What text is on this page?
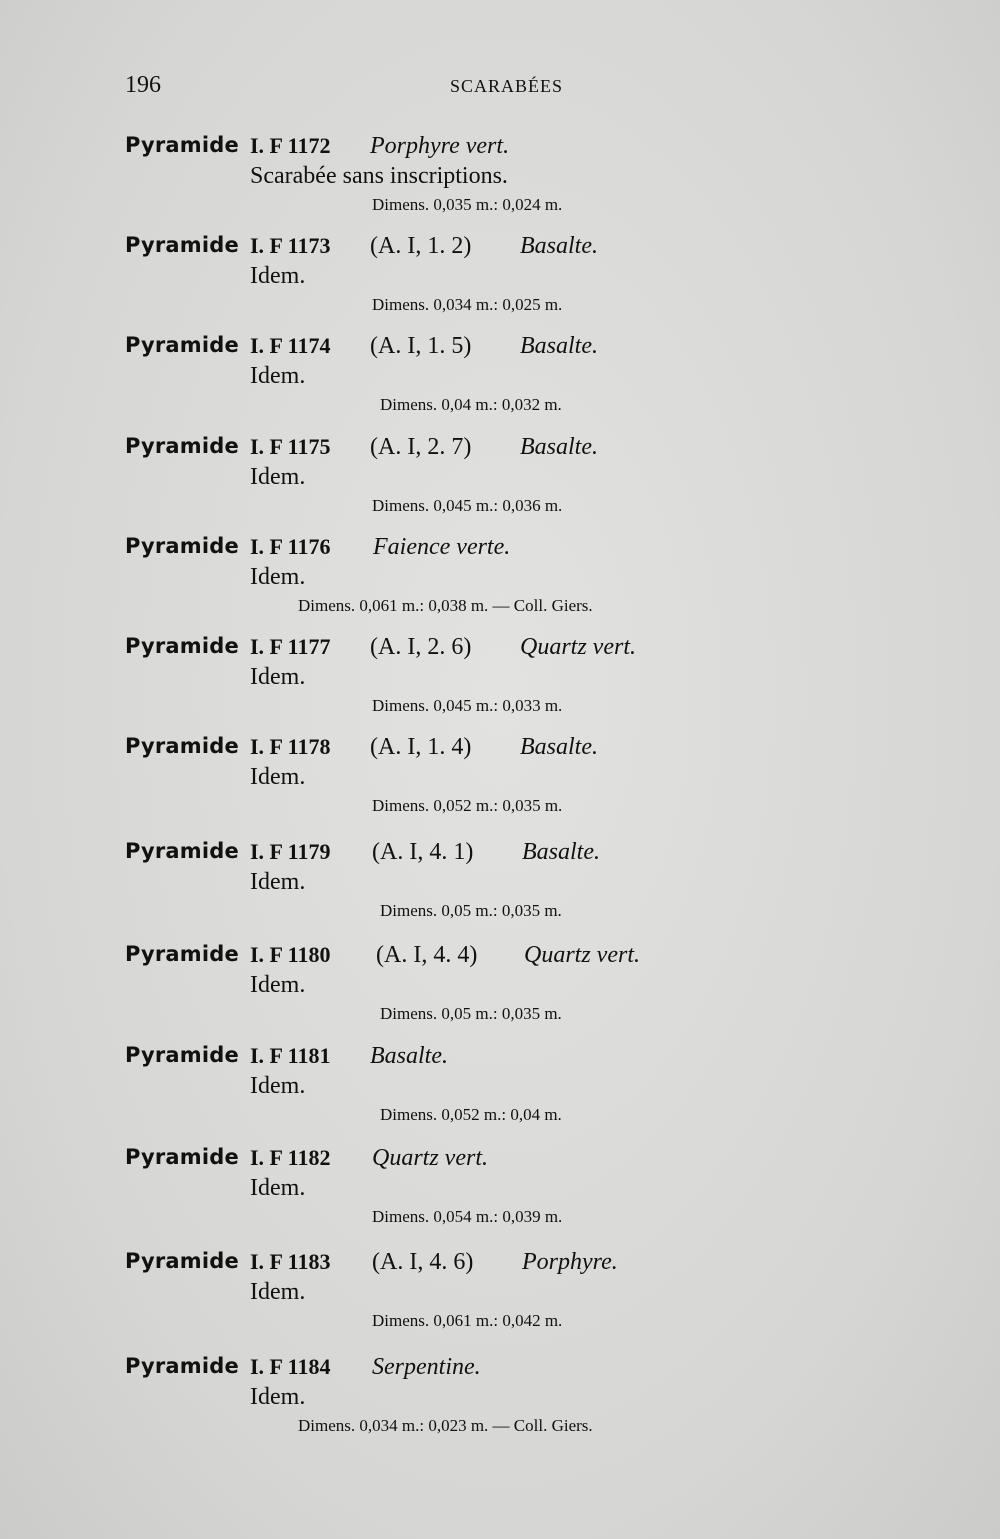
196	SCARABÉES
Pyramide I. F 1172 Porphyre vert.
Scarabée sans inscriptions.
Dimens. 0,035 m.: 0,024 m.
Pyramide I. F 1173 (A. I, 1. 2) Basalte.
Idem.
Dimens. 0,034 m.: 0,025 m.
Pyramide I. F 1174 (A. I, 1. 5) Basalte.
Idem.
Dimens. 0,04 m.: 0,032 m.
Pyramide I. F 1175 (A. I, 2. 7) Basalte.
Idem.
Dimens. 0,045 m.: 0,036 m.
Pyramide I. F 1176 Faience verte.
Idem.
Dimens. 0,061 m.: 0,038 m. — Coll. Giers.
Pyramide I. F 1177 (A. I, 2. 6) Quartz vert.
Idem.
Dimens. 0,045 m.: 0,033 m.
Pyramide I. F 1178 (A. I, 1. 4) Basalte.
Idem.
Dimens. 0,052 m.: 0,035 m.
Pyramide I. F 1179 (A. I, 4. 1) Basalte.
Idem.
Dimens. 0,05 m.: 0,035 m.
Pyramide I. F 1180 (A. I, 4. 4) Quartz vert.
Idem.
Dimens. 0,05 m.: 0,035 m.
Pyramide I. F 1181 Basalte.
Idem.
Dimens. 0,052 m.: 0,04 m.
Pyramide I. F 1182 Quartz vert.
Idem.
Dimens. 0,054 m.: 0,039 m.
Pyramide I. F 1183 (A. I, 4. 6) Porphyre.
Idem.
Dimens. 0,061 m.: 0,042 m.
Pyramide I. F 1184 Serpentine.
Idem.
Dimens. 0,034 m.: 0,023 m. — Coll. Giers.
